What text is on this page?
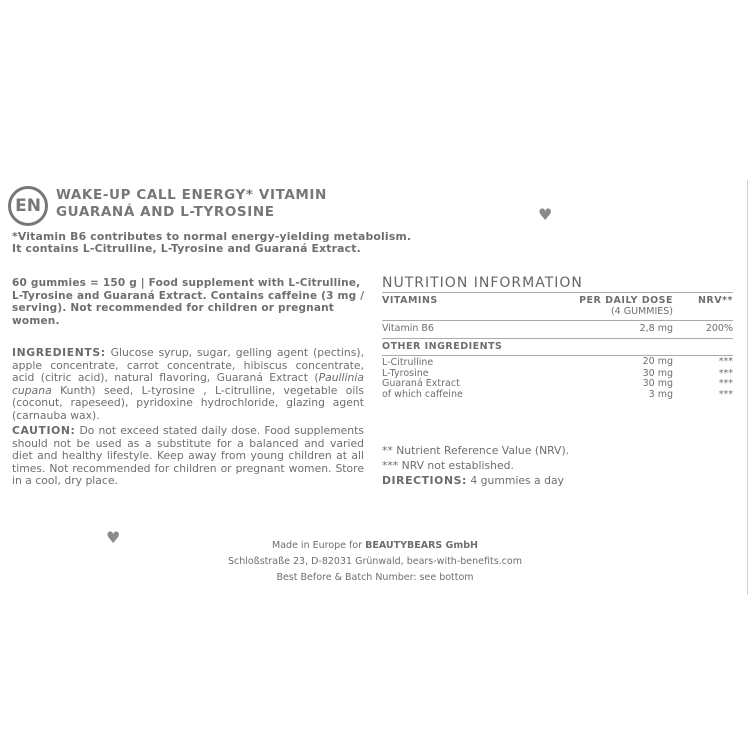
EN
WAKE-UP CALL ENERGY* VITAMIN
GUARANÁ AND L-TYROSINE	♥
*Vitamin B6 contributes to normal energy-yielding metabolism.
It contains L-Citrulline, L-Tyrosine and Guaraná Extract.
60 gummies = 150 g | Food supplement with L-Citrulline, L-Tyrosine and Guaraná Extract. Contains caffeine (3 mg / serving). Not recommended for children or pregnant women.
INGREDIENTS: Glucose syrup, sugar, gelling agent (pectins), apple concentrate, carrot concentrate, hibiscus concentrate, acid (citric acid), natural flavoring, Guaraná Extract (Paullinia cupana Kunth) seed, L-tyrosine , L-citrulline, vegetable oils (coconut, rapeseed), pyridoxine hydrochloride, glazing agent (carnauba wax).
CAUTION: Do not exceed stated daily dose. Food supplements should not be used as a substitute for a balanced and varied diet and healthy lifestyle. Keep away from young children at all times. Not recommended for children or pregnant women. Store in a cool, dry place.
NUTRITION INFORMATION
VITAMINS	PER DAILY DOSE	NRV**
	(4 GUMMIES)	
Vitamin B6	2,8 mg	200%
OTHER INGREDIENTS		
L-Citrulline	20 mg	***
L-Tyrosine	30 mg	***
Guaraná Extract	30 mg	***
of which caffeine	3 mg	***
** Nutrient Reference Value (NRV).
*** NRV not established.
DIRECTIONS: 4 gummies a day
♥	Made in Europe for BEAUTYBEARS GmbH
Schloßstraße 23, D-82031 Grünwald, bears-with-benefits.com
Best Before & Batch Number: see bottom
